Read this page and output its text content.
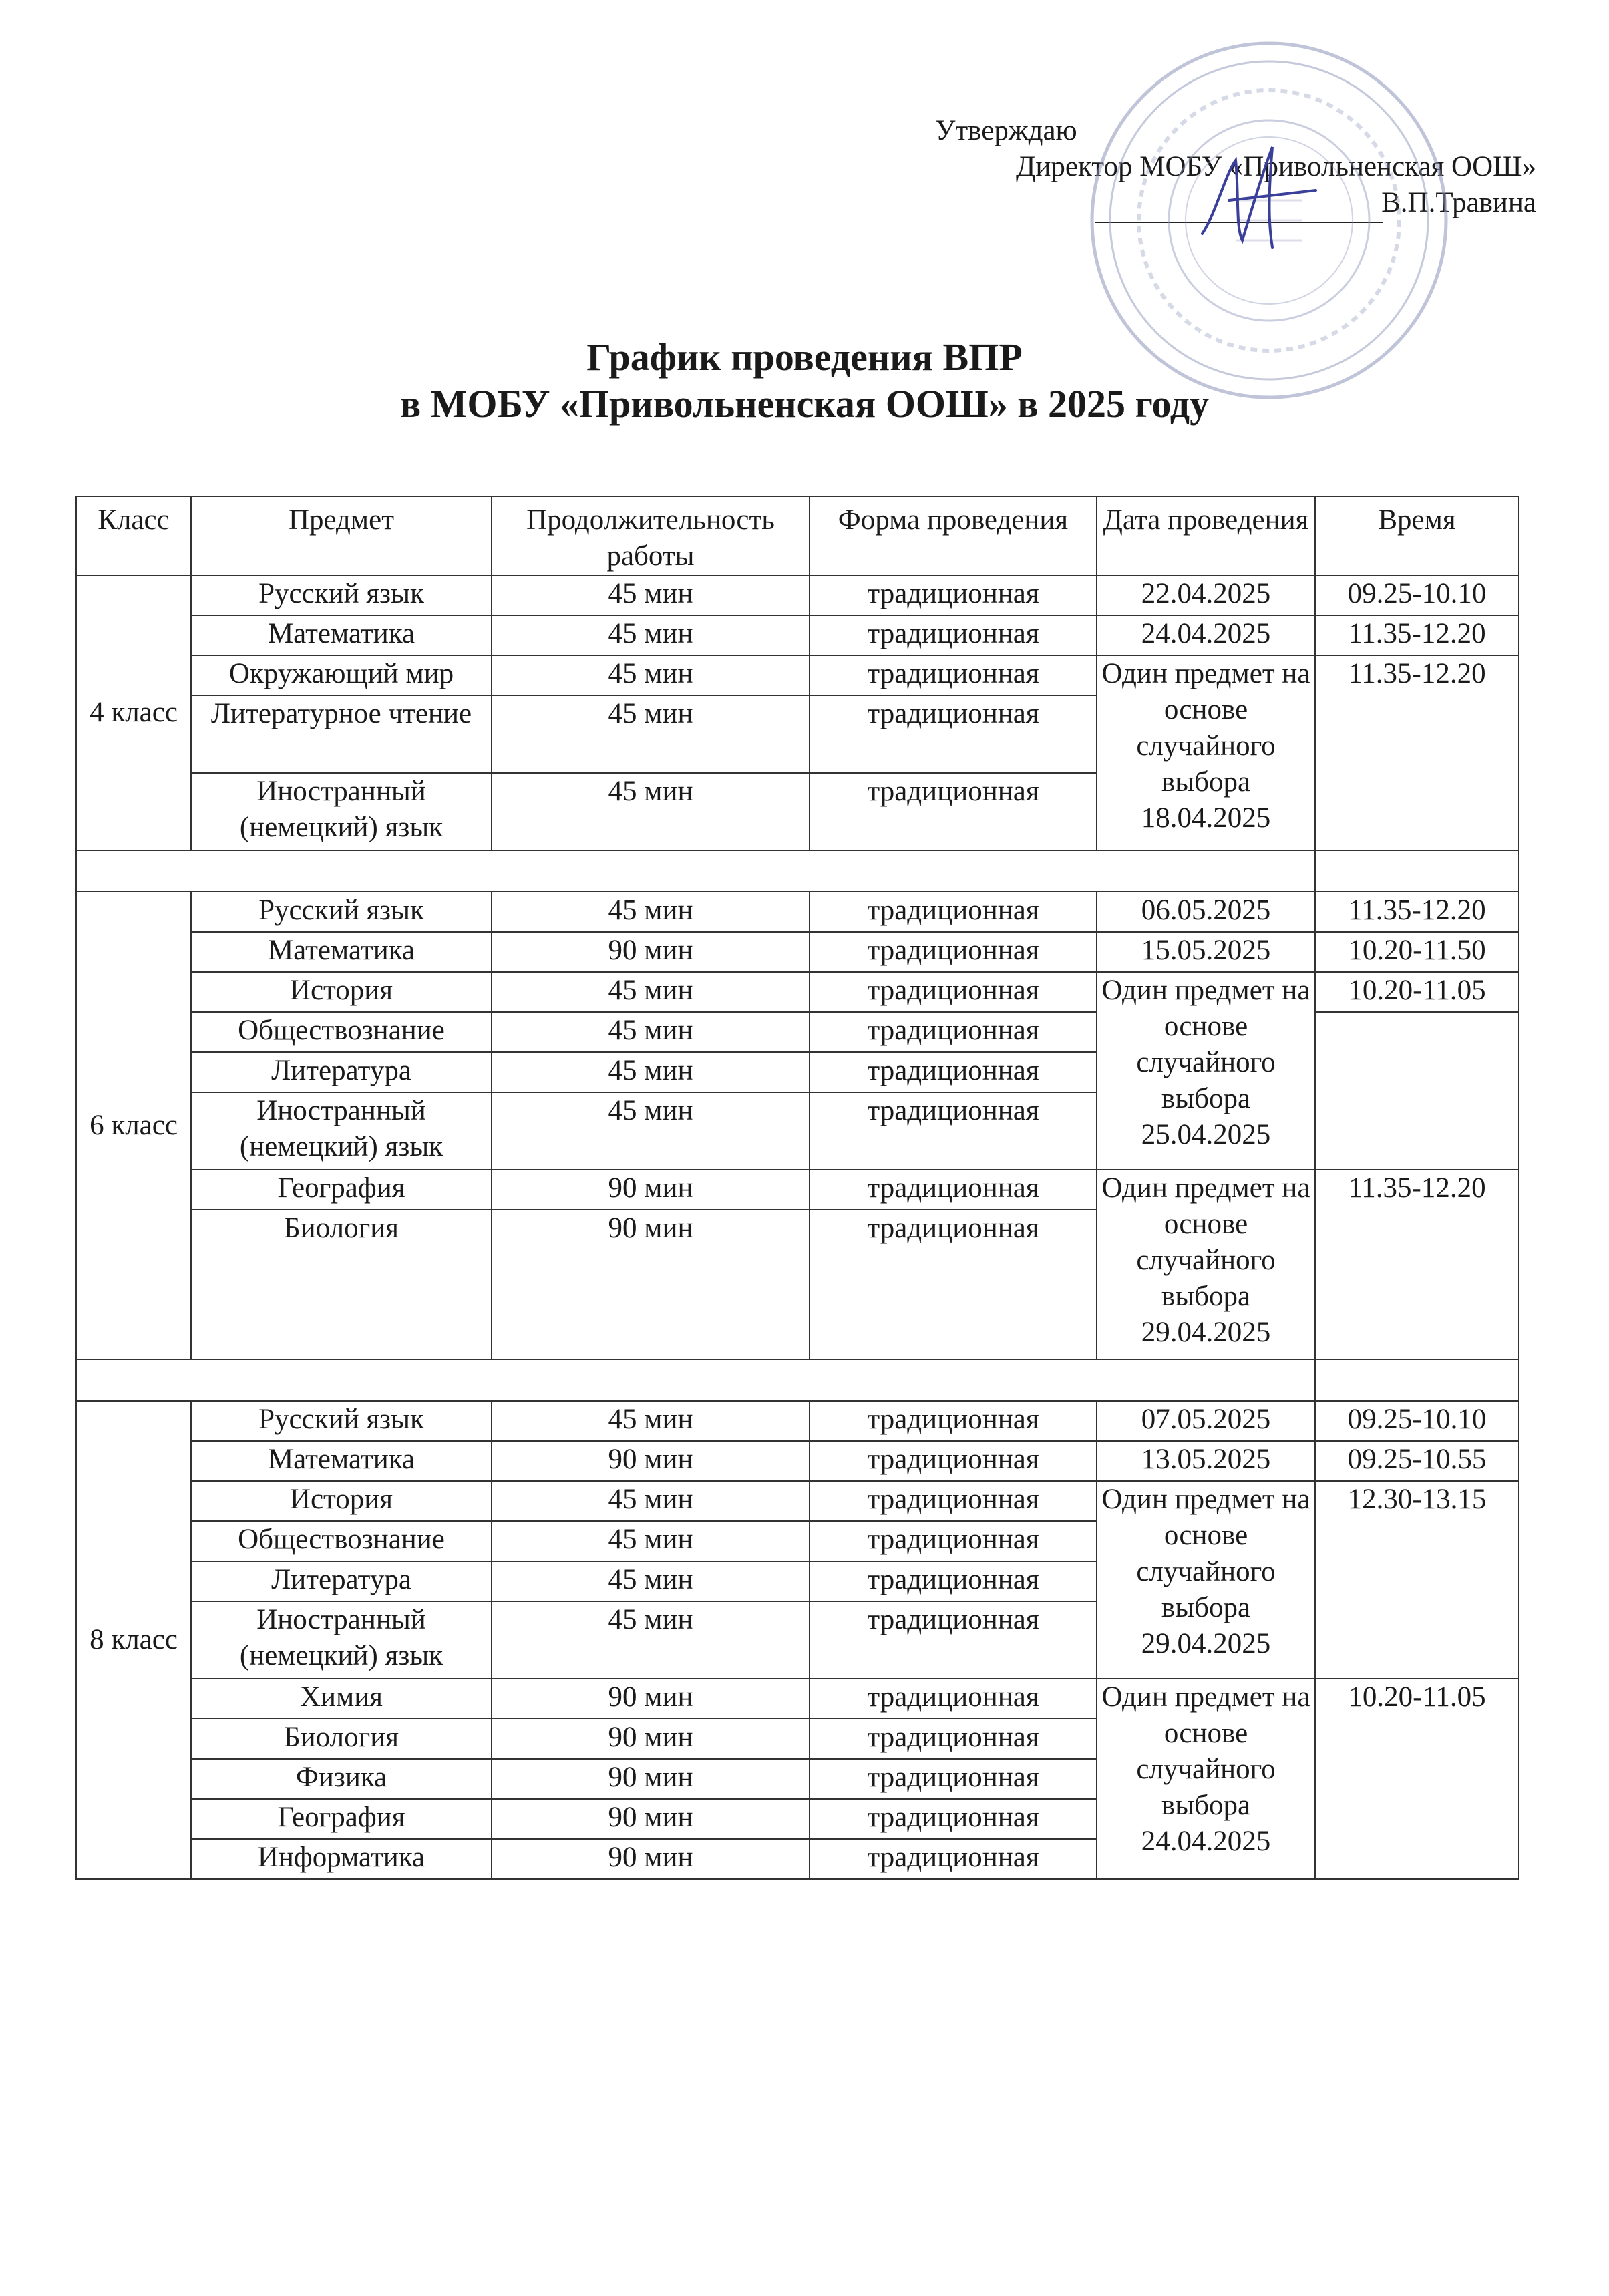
Утверждаю
Директор МОБУ «Привольненская ООШ»
В.П.Травина
График проведения ВПР
в МОБУ «Привольненская ООШ» в 2025 году
Класс	Предмет	Продолжительность работы	Форма проведения	Дата проведения	Время
4 класс	Русский язык	45 мин	традиционная	22.04.2025	09.25-10.10
	Математика	45 мин	традиционная	24.04.2025	11.35-12.20
	Окружающий мир	45 мин	традиционная	Один предмет на основе случайного выбора 18.04.2025	11.35-12.20
	Литературное чтение	45 мин	традиционная		
	Иностранный (немецкий) язык	45 мин	традиционная		

6 класс	Русский язык	45 мин	традиционная	06.05.2025	11.35-12.20
	Математика	90 мин	традиционная	15.05.2025	10.20-11.50
	История	45 мин	традиционная	Один предмет на основе случайного выбора 25.04.2025	10.20-11.05
	Обществознание	45 мин	традиционная		
	Литература	45 мин	традиционная		
	Иностранный (немецкий) язык	45 мин	традиционная		
	География	90 мин	традиционная	Один предмет на основе случайного выбора 29.04.2025	11.35-12.20
	Биология	90 мин	традиционная		

8 класс	Русский язык	45 мин	традиционная	07.05.2025	09.25-10.10
	Математика	90 мин	традиционная	13.05.2025	09.25-10.55
	История	45 мин	традиционная	Один предмет на основе случайного выбора 29.04.2025	12.30-13.15
	Обществознание	45 мин	традиционная		
	Литература	45 мин	традиционная		
	Иностранный (немецкий) язык	45 мин	традиционная		
	Химия	90 мин	традиционная	Один предмет на основе случайного выбора 24.04.2025	10.20-11.05
	Биология	90 мин	традиционная		
	Физика	90 мин	традиционная		
	География	90 мин	традиционная		
	Информатика	90 мин	традиционная		
